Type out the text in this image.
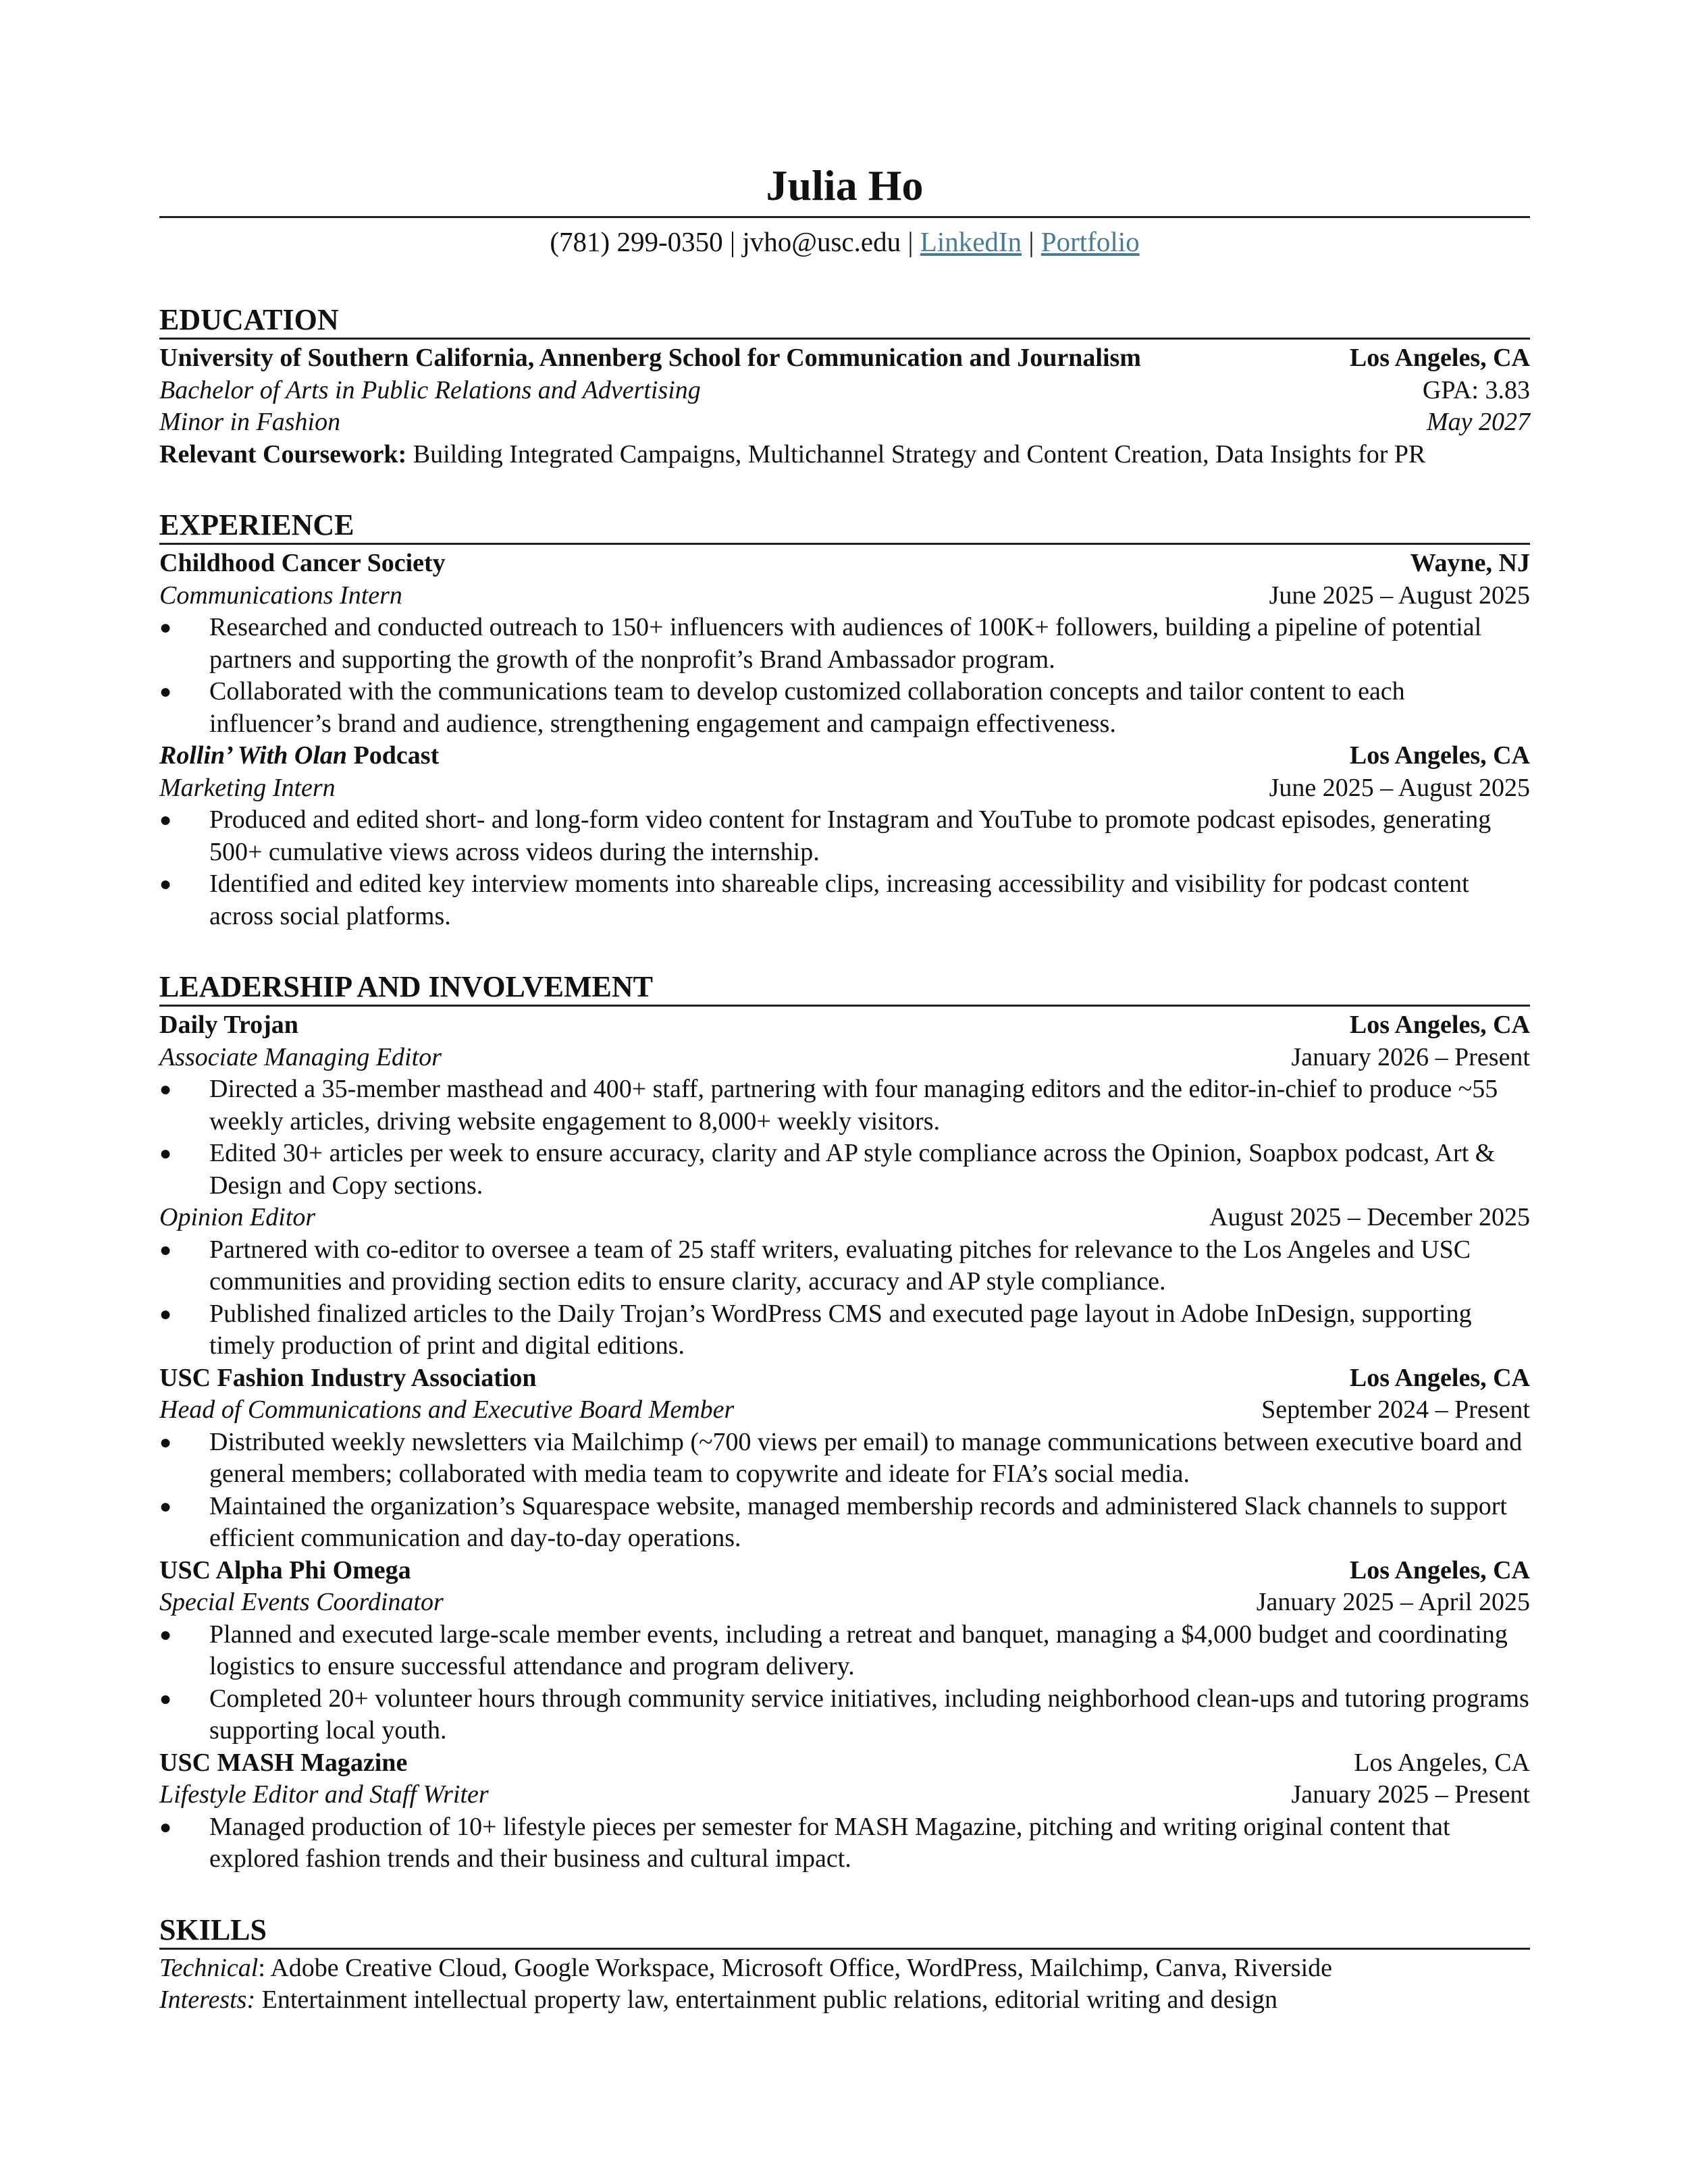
Julia Ho
(781) 299-0350 | jvho@usc.edu | LinkedIn | Portfolio
EDUCATION
University of Southern California, Annenberg School for Communication and Journalism	Los Angeles, CA
Bachelor of Arts in Public Relations and Advertising	GPA: 3.83
Minor in Fashion	May 2027
Relevant Coursework: Building Integrated Campaigns, Multichannel Strategy and Content Creation, Data Insights for PR
EXPERIENCE
Childhood Cancer Society	Wayne, NJ
Communications Intern	June 2025 – August 2025
● Researched and conducted outreach to 150+ influencers with audiences of 100K+ followers, building a pipeline of potential partners and supporting the growth of the nonprofit’s Brand Ambassador program.
● Collaborated with the communications team to develop customized collaboration concepts and tailor content to each influencer’s brand and audience, strengthening engagement and campaign effectiveness.
Rollin’ With Olan Podcast	Los Angeles, CA
Marketing Intern	June 2025 – August 2025
● Produced and edited short- and long-form video content for Instagram and YouTube to promote podcast episodes, generating 500+ cumulative views across videos during the internship.
● Identified and edited key interview moments into shareable clips, increasing accessibility and visibility for podcast content across social platforms.
LEADERSHIP AND INVOLVEMENT
Daily Trojan	Los Angeles, CA
Associate Managing Editor	January 2026 – Present
● Directed a 35-member masthead and 400+ staff, partnering with four managing editors and the editor-in-chief to produce ~55 weekly articles, driving website engagement to 8,000+ weekly visitors.
● Edited 30+ articles per week to ensure accuracy, clarity and AP style compliance across the Opinion, Soapbox podcast, Art & Design and Copy sections.
Opinion Editor	August 2025 – December 2025
● Partnered with co-editor to oversee a team of 25 staff writers, evaluating pitches for relevance to the Los Angeles and USC communities and providing section edits to ensure clarity, accuracy and AP style compliance.
● Published finalized articles to the Daily Trojan’s WordPress CMS and executed page layout in Adobe InDesign, supporting timely production of print and digital editions.
USC Fashion Industry Association	Los Angeles, CA
Head of Communications and Executive Board Member	September 2024 – Present
● Distributed weekly newsletters via Mailchimp (~700 views per email) to manage communications between executive board and general members; collaborated with media team to copywrite and ideate for FIA’s social media.
● Maintained the organization’s Squarespace website, managed membership records and administered Slack channels to support efficient communication and day-to-day operations.
USC Alpha Phi Omega	Los Angeles, CA
Special Events Coordinator	January 2025 – April 2025
● Planned and executed large-scale member events, including a retreat and banquet, managing a $4,000 budget and coordinating logistics to ensure successful attendance and program delivery.
● Completed 20+ volunteer hours through community service initiatives, including neighborhood clean-ups and tutoring programs supporting local youth.
USC MASH Magazine	Los Angeles, CA
Lifestyle Editor and Staff Writer	January 2025 – Present
● Managed production of 10+ lifestyle pieces per semester for MASH Magazine, pitching and writing original content that explored fashion trends and their business and cultural impact.
SKILLS
Technical: Adobe Creative Cloud, Google Workspace, Microsoft Office, WordPress, Mailchimp, Canva, Riverside
Interests: Entertainment intellectual property law, entertainment public relations, editorial writing and design
